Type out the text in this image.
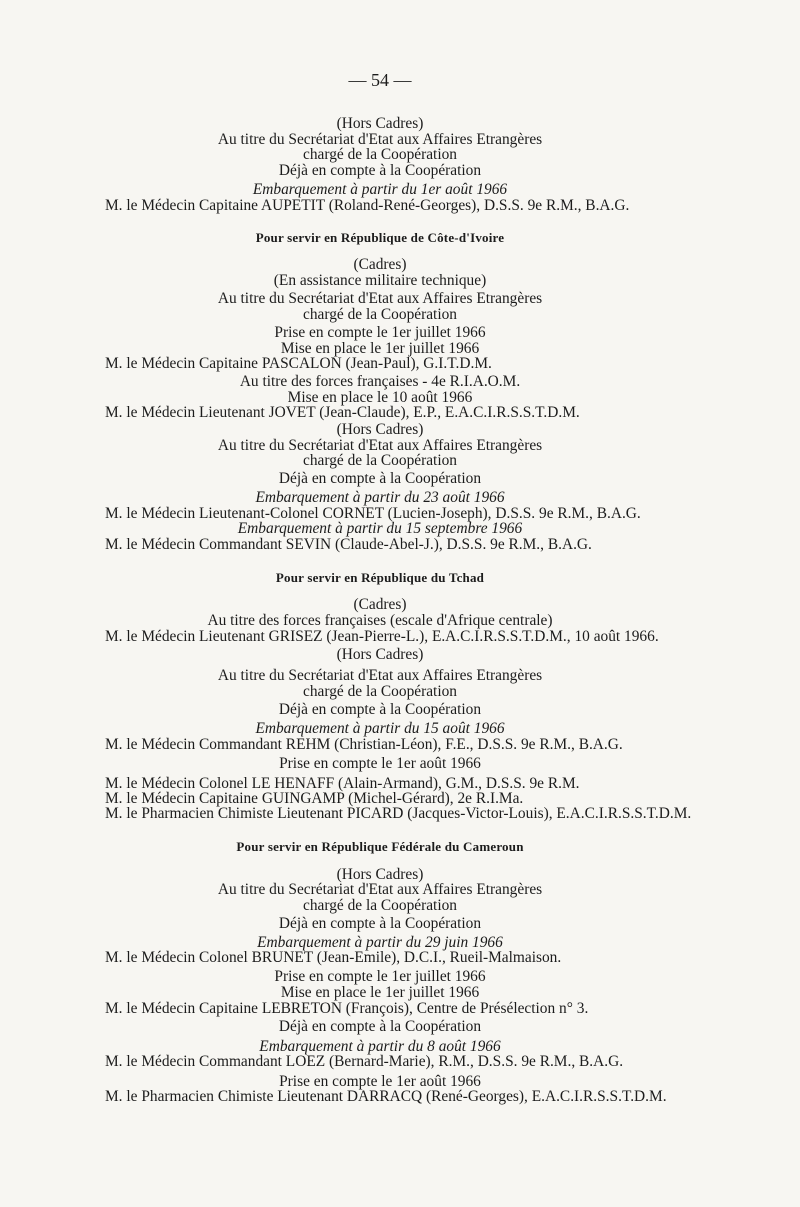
— 54 —
(Hors Cadres)
Au titre du Secrétariat d'Etat aux Affaires Etrangères
chargé de la Coopération
Déjà en compte à la Coopération
Embarquement à partir du 1er août 1966
M. le Médecin Capitaine AUPETIT (Roland-René-Georges), D.S.S. 9e R.M., B.A.G.
Pour servir en République de Côte-d'Ivoire
(Cadres)
(En assistance militaire technique)
Au titre du Secrétariat d'Etat aux Affaires Etrangères
chargé de la Coopération
Prise en compte le 1er juillet 1966
Mise en place le 1er juillet 1966
M. le Médecin Capitaine PASCALON (Jean-Paul), G.I.T.D.M.
Au titre des forces françaises - 4e R.I.A.O.M.
Mise en place le 10 août 1966
M. le Médecin Lieutenant JOVET (Jean-Claude), E.P., E.A.C.I.R.S.S.T.D.M.
(Hors Cadres)
Au titre du Secrétariat d'Etat aux Affaires Etrangères
chargé de la Coopération
Déjà en compte à la Coopération
Embarquement à partir du 23 août 1966
M. le Médecin Lieutenant-Colonel CORNET (Lucien-Joseph), D.S.S. 9e R.M., B.A.G.
Embarquement à partir du 15 septembre 1966
M. le Médecin Commandant SEVIN (Claude-Abel-J.), D.S.S. 9e R.M., B.A.G.
Pour servir en République du Tchad
(Cadres)
Au titre des forces françaises (escale d'Afrique centrale)
M. le Médecin Lieutenant GRISEZ (Jean-Pierre-L.), E.A.C.I.R.S.S.T.D.M., 10 août 1966.
(Hors Cadres)
Au titre du Secrétariat d'Etat aux Affaires Etrangères
chargé de la Coopération
Déjà en compte à la Coopération
Embarquement à partir du 15 août 1966
M. le Médecin Commandant REHM (Christian-Léon), F.E., D.S.S. 9e R.M., B.A.G.
Prise en compte le 1er août 1966
M. le Médecin Colonel LE HENAFF (Alain-Armand), G.M., D.S.S. 9e R.M.
M. le Médecin Capitaine GUINGAMP (Michel-Gérard), 2e R.I.Ma.
M. le Pharmacien Chimiste Lieutenant PICARD (Jacques-Victor-Louis), E.A.C.I.R.S.S.T.D.M.
Pour servir en République Fédérale du Cameroun
(Hors Cadres)
Au titre du Secrétariat d'Etat aux Affaires Etrangères
chargé de la Coopération
Déjà en compte à la Coopération
Embarquement à partir du 29 juin 1966
M. le Médecin Colonel BRUNET (Jean-Emile), D.C.I., Rueil-Malmaison.
Prise en compte le 1er juillet 1966
Mise en place le 1er juillet 1966
M. le Médecin Capitaine LEBRETON (François), Centre de Présélection n° 3.
Déjà en compte à la Coopération
Embarquement à partir du 8 août 1966
M. le Médecin Commandant LOEZ (Bernard-Marie), R.M., D.S.S. 9e R.M., B.A.G.
Prise en compte le 1er août 1966
M. le Pharmacien Chimiste Lieutenant DARRACQ (René-Georges), E.A.C.I.R.S.S.T.D.M.
